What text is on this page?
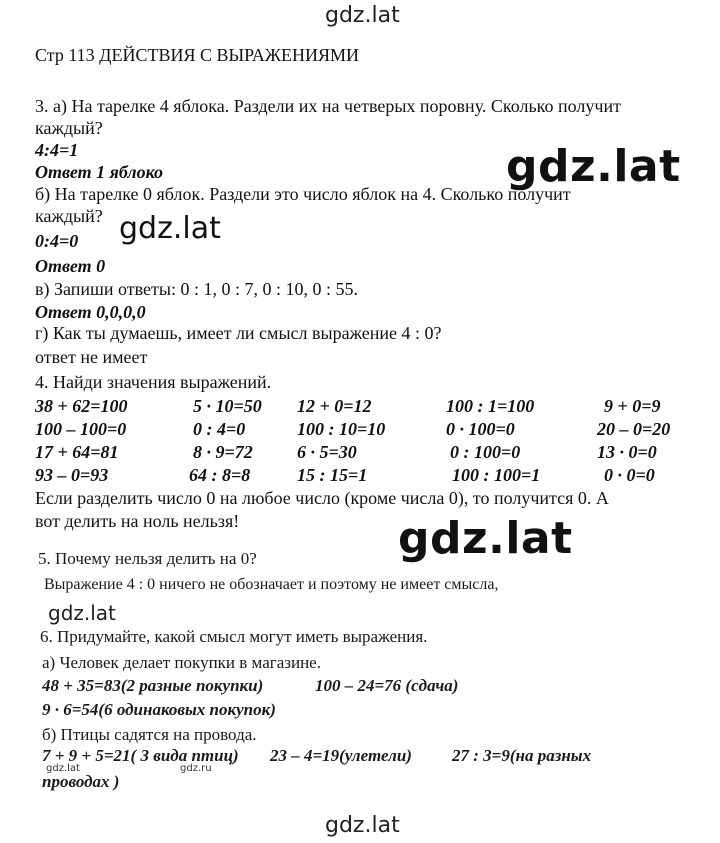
gdz.lat
Стр 113 ДЕЙСТВИЯ С ВЫРАЖЕНИЯМИ
3. а) На тарелке 4 яблока. Раздели их на четверых поровну. Сколько получит
каждый?
4:4=1
Ответ 1 яблоко
б) На тарелке 0 яблок. Раздели это число яблок на 4. Сколько получит
каждый?
0:4=0
Ответ 0
в) Запиши ответы: 0 : 1, 0 : 7, 0 : 10, 0 : 55.
Ответ 0,0,0,0
г) Как ты думаешь, имеет ли смысл выражение 4 : 0?
ответ не имеет
4. Найди значения выражений.
38 + 62=100	5 · 10=50 12 + 0=12	100 : 1=100	9 + 0=9
100 – 100=0	0 : 4=0	100 : 10=10	0 · 100=0	20 – 0=20
17 + 64=81	8 · 9=72 6 · 5=30	0 : 100=0	13 · 0=0
93 – 0=93	64 : 8=8	15 : 15=1	100 : 100=1	0 · 0=0
Если разделить число 0 на любое число (кроме числа 0), то получится 0. А
вот делить на ноль нельзя!
5. Почему нельзя делить на 0?
Выражение 4 : 0 ничего не обозначает и поэтому не имеет смысла,
6. Придумайте, какой смысл могут иметь выражения.
а) Человек делает покупки в магазине.
48 + 35=83(2 разные покупки)	100 – 24=76 (сдача)
9 · 6=54(6 одинаковых покупок)
б) Птицы садятся на провода.
7 + 9 + 5=21( 3 вида птиц) 23 – 4=19(улетели) 27 : 3=9(на разных
проводах )
gdz.lat
gdz.lat
gdz.lat
gdz.lat
gdz.lat	gdz.ru
gdz.lat
